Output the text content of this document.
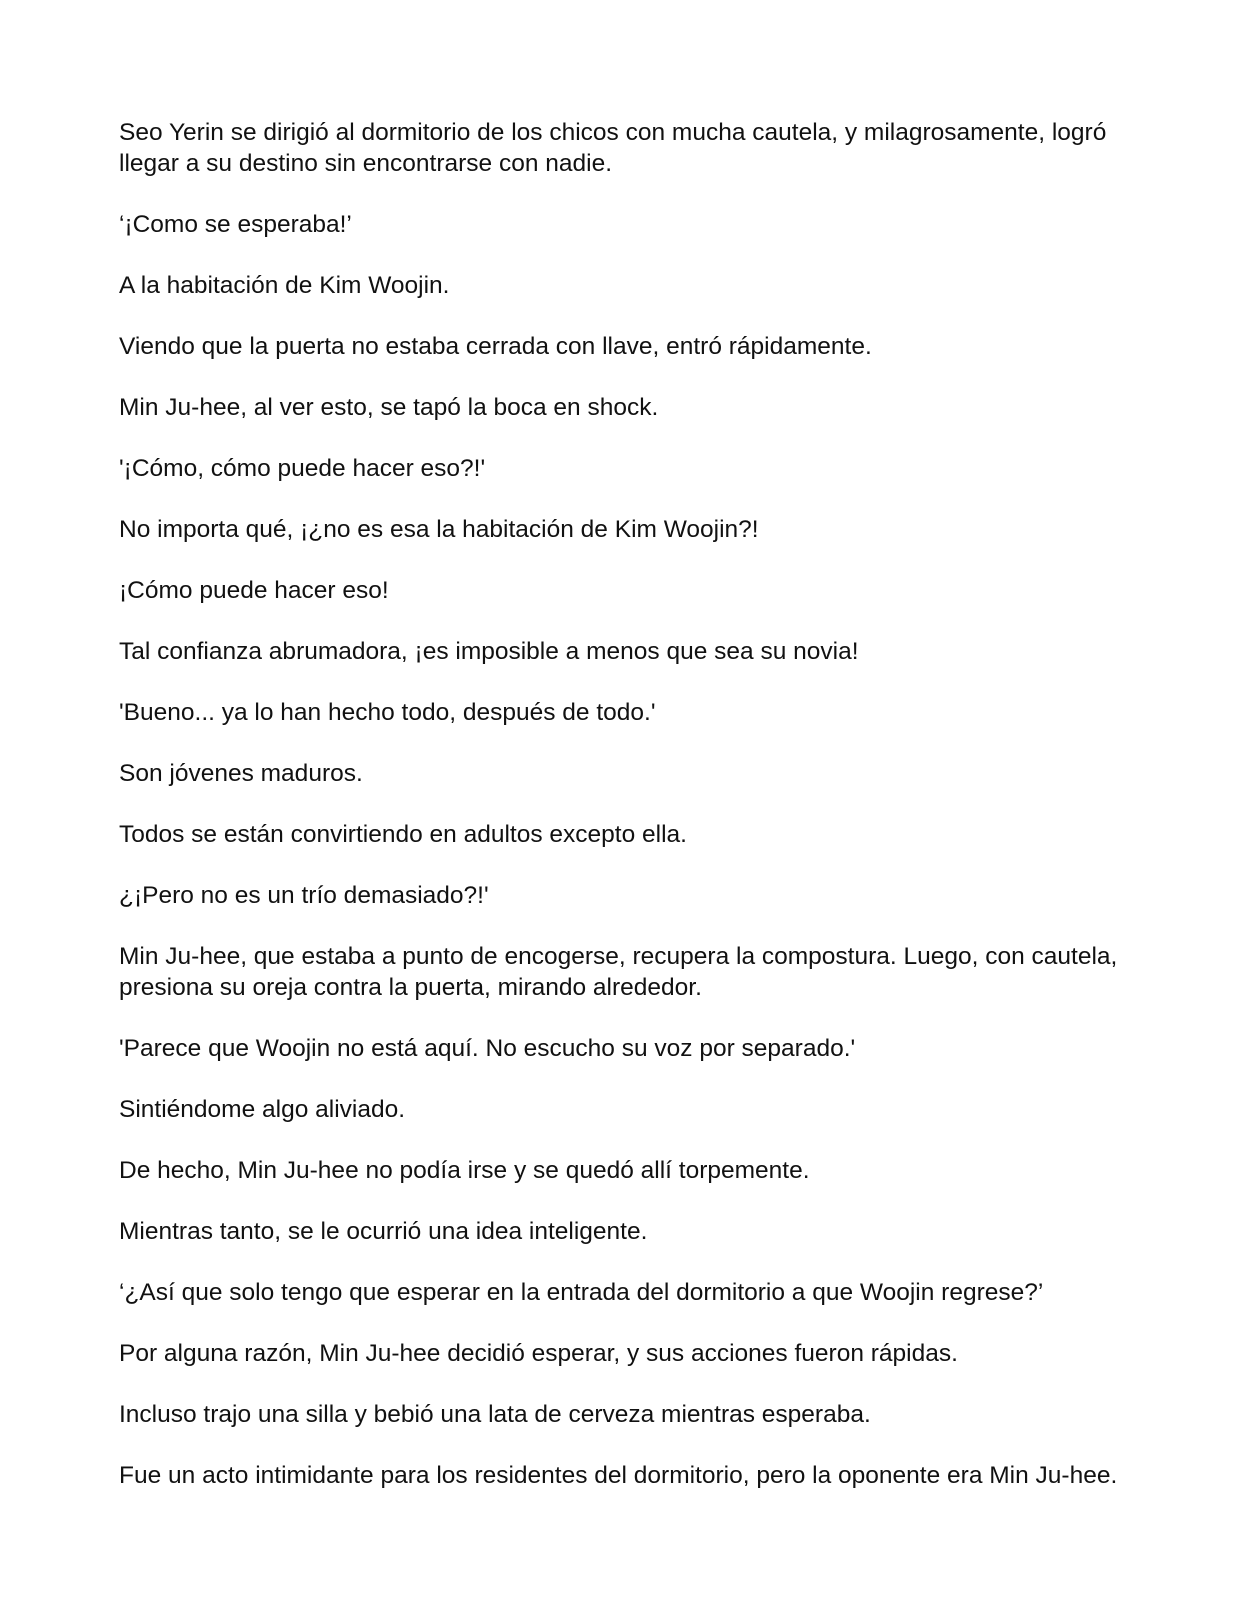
Seo Yerin se dirigió al dormitorio de los chicos con mucha cautela, y milagrosamente, logró llegar a su destino sin encontrarse con nadie.

‘¡Como se esperaba!’

A la habitación de Kim Woojin.

Viendo que la puerta no estaba cerrada con llave, entró rápidamente.

Min Ju-hee, al ver esto, se tapó la boca en shock.

'¡Cómo, cómo puede hacer eso?!'

No importa qué, ¡¿no es esa la habitación de Kim Woojin?!

¡Cómo puede hacer eso!

Tal confianza abrumadora, ¡es imposible a menos que sea su novia!

'Bueno... ya lo han hecho todo, después de todo.'

Son jóvenes maduros.

Todos se están convirtiendo en adultos excepto ella.

¿¡Pero no es un trío demasiado?!'

Min Ju-hee, que estaba a punto de encogerse, recupera la compostura. Luego, con cautela, presiona su oreja contra la puerta, mirando alrededor.

'Parece que Woojin no está aquí. No escucho su voz por separado.'

Sintiéndome algo aliviado.

De hecho, Min Ju-hee no podía irse y se quedó allí torpemente.

Mientras tanto, se le ocurrió una idea inteligente.

‘¿Así que solo tengo que esperar en la entrada del dormitorio a que Woojin regrese?’

Por alguna razón, Min Ju-hee decidió esperar, y sus acciones fueron rápidas.

Incluso trajo una silla y bebió una lata de cerveza mientras esperaba.

Fue un acto intimidante para los residentes del dormitorio, pero la oponente era Min Ju-hee.
